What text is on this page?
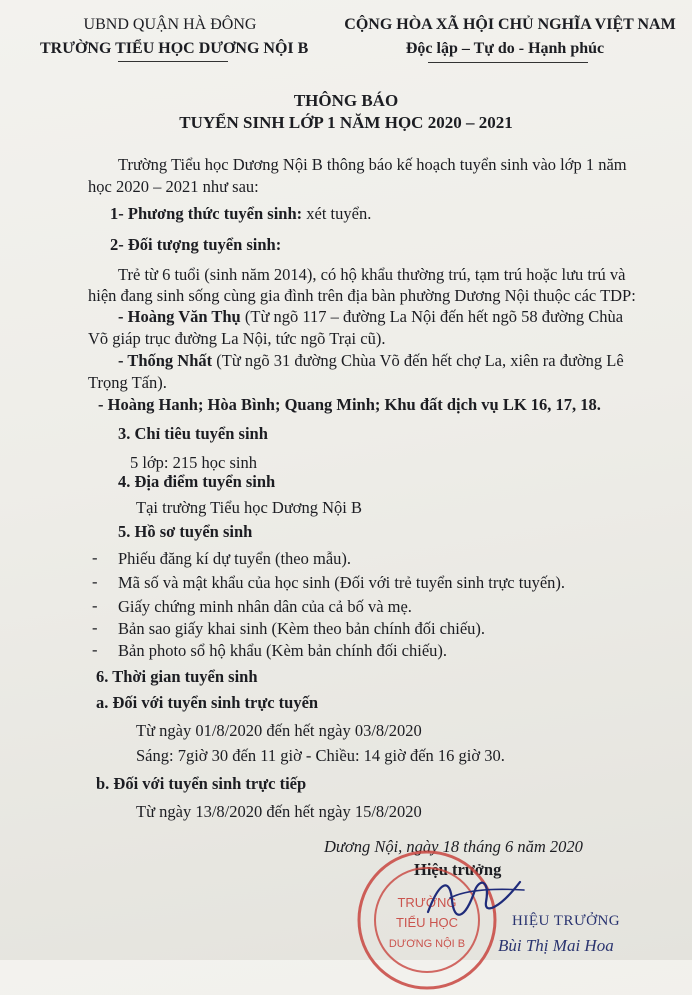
UBND QUẬN HÀ ĐÔNG
TRƯỜNG TIỂU HỌC DƯƠNG NỘI B
CỘNG HÒA XÃ HỘI CHỦ NGHĨA VIỆT NAM
Độc lập – Tự do - Hạnh phúc
THÔNG BÁO
TUYỂN SINH LỚP 1 NĂM HỌC 2020 – 2021
Trường Tiểu học Dương Nội B thông báo kế hoạch tuyển sinh vào lớp 1 năm
học 2020 – 2021 như sau:
1- Phương thức tuyển sinh: xét tuyển.
2- Đối tượng tuyển sinh:
Trẻ từ 6 tuổi (sinh năm 2014), có hộ khẩu thường trú, tạm trú hoặc lưu trú và
hiện đang sinh sống cùng gia đình trên địa bàn phường Dương Nội thuộc các TDP:
- Hoàng Văn Thụ (Từ ngõ 117 – đường La Nội đến hết ngõ 58 đường Chùa
Võ giáp trục đường La Nội, tức ngõ Trại cũ).
- Thống Nhất (Từ ngõ 31 đường Chùa Võ đến hết chợ La, xiên ra đường Lê
Trọng Tấn).
- Hoàng Hanh; Hòa Bình; Quang Minh; Khu đất dịch vụ LK 16, 17, 18.
3. Chỉ tiêu tuyển sinh
5 lớp: 215 học sinh
4. Địa điểm tuyển sinh
Tại trường Tiểu học Dương Nội B
5. Hồ sơ tuyển sinh
- Phiếu đăng kí dự tuyển (theo mẫu).
- Mã số và mật khẩu của học sinh (Đối với trẻ tuyển sinh trực tuyến).
- Giấy chứng minh nhân dân của cả bố và mẹ.
- Bản sao giấy khai sinh (Kèm theo bản chính đối chiếu).
- Bản photo sổ hộ khẩu (Kèm bản chính đối chiếu).
6. Thời gian tuyển sinh
a. Đối với tuyển sinh trực tuyến
Từ ngày 01/8/2020 đến hết ngày 03/8/2020
Sáng: 7giờ 30 đến 11 giờ - Chiều: 14 giờ đến 16 giờ 30.
b. Đối với tuyển sinh trực tiếp
Từ ngày 13/8/2020 đến hết ngày 15/8/2020
Dương Nội, ngày 18 tháng 6 năm 2020
Hiệu trưởng
TRƯỜNG
TIỂU HỌC
DƯƠNG NỘI B
HIỆU TRƯỞNG
Bùi Thị Mai Hoa
